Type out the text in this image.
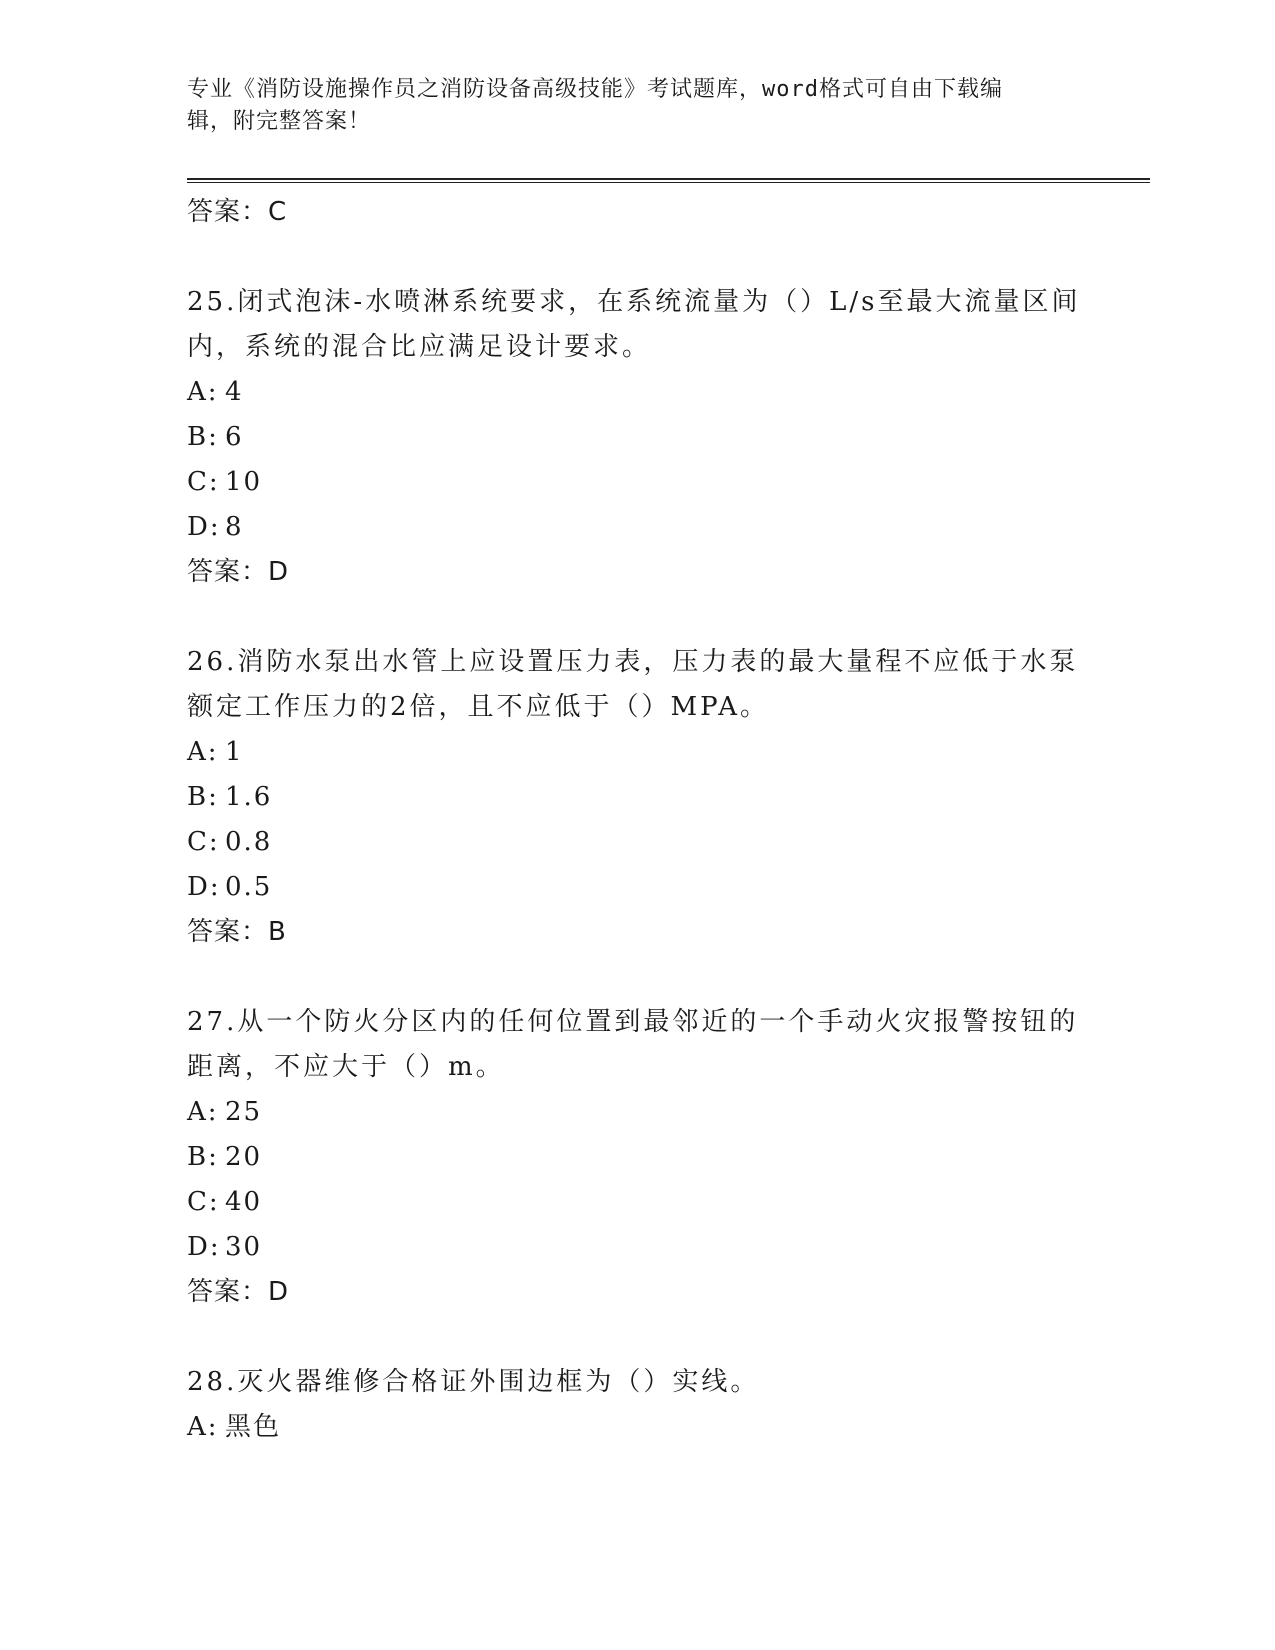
专业《消防设施操作员之消防设备高级技能》考试题库，word格式可自由下载编
辑，附完整答案！
答案：C
25.闭式泡沫-水喷淋系统要求，在系统流量为（）L/s至最大流量区间
内，系统的混合比应满足设计要求。
A: 4
B: 6
C: 10
D: 8
答案：D
26.消防水泵出水管上应设置压力表，压力表的最大量程不应低于水泵
额定工作压力的2倍，且不应低于（）MPA。
A: 1
B: 1.6
C: 0.8
D: 0.5
答案：B
27.从一个防火分区内的任何位置到最邻近的一个手动火灾报警按钮的
距离，不应大于（）m。
A: 25
B: 20
C: 40
D: 30
答案：D
28.灭火器维修合格证外围边框为（）实线。
A: 黑色
